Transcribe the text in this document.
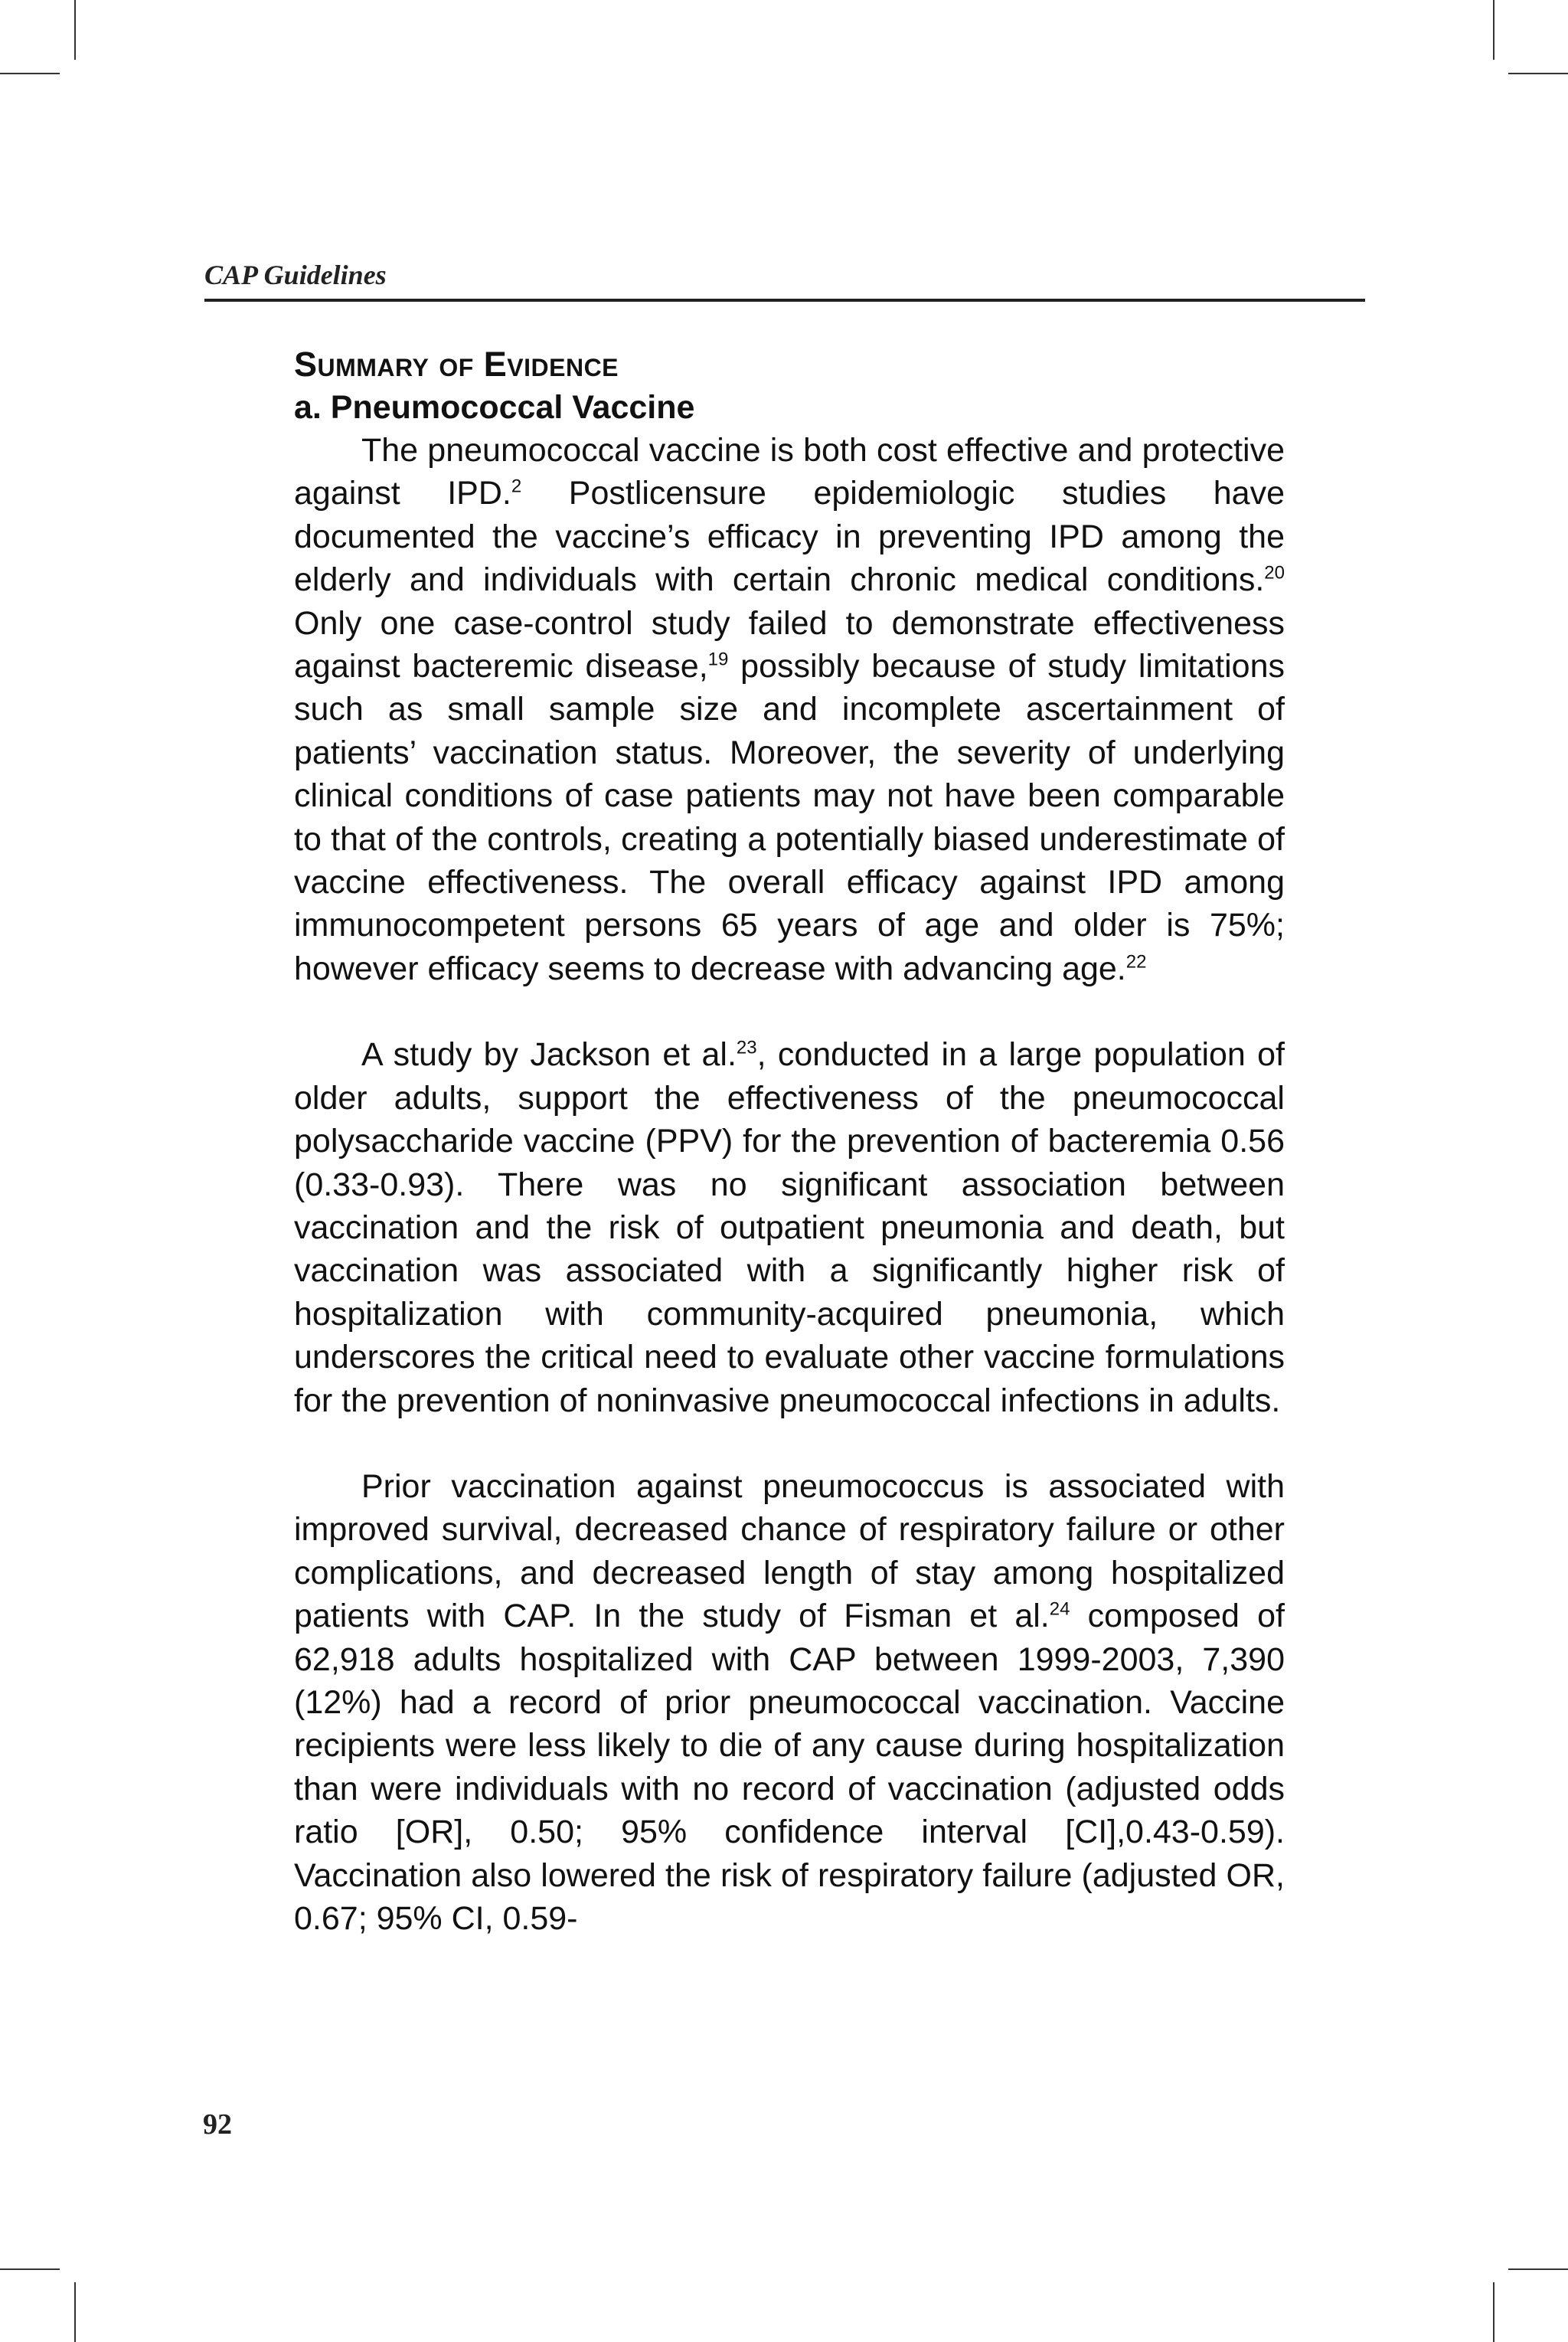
CAP Guidelines
Summary of Evidence
a. Pneumococcal Vaccine

The pneumococcal vaccine is both cost effective and protective against IPD.$^2$ Postlicensure epidemiologic studies have documented the vaccine’s efficacy in preventing IPD among the elderly and individuals with certain chronic medical conditions.$^{20}$ Only one case-control study failed to demonstrate effectiveness against bacteremic disease,$^{19}$ possibly because of study limitations such as small sample size and incomplete ascertainment of patients’ vaccination status. Moreover, the severity of underlying clinical conditions of case patients may not have been comparable to that of the controls, creating a potentially biased underestimate of vaccine effectiveness. The overall efficacy against IPD among immunocompetent persons 65 years of age and older is 75%; however efficacy seems to decrease with advancing age.$^{22}$

A study by Jackson et al.$^{23}$, conducted in a large population of older adults, support the effectiveness of the pneumococcal polysaccharide vaccine (PPV) for the prevention of bacteremia 0.56 (0.33-0.93). There was no significant association between vaccination and the risk of outpatient pneumonia and death, but vaccination was associated with a significantly higher risk of hospitalization with community-acquired pneumonia, which underscores the critical need to evaluate other vaccine formulations for the prevention of noninvasive pneumococcal infections in adults.

Prior vaccination against pneumococcus is associated with improved survival, decreased chance of respiratory failure or other complications, and decreased length of stay among hospitalized patients with CAP. In the study of Fisman et al.$^{24}$ composed of 62,918 adults hospitalized with CAP between 1999-2003, 7,390 (12%) had a record of prior pneumococcal vaccination. Vaccine recipients were less likely to die of any cause during hospitalization than were individuals with no record of vaccination (adjusted odds ratio [OR], 0.50; 95% confidence interval [CI],0.43-0.59). Vaccination also lowered the risk of respiratory failure (adjusted OR, 0.67; 95% CI, 0.59-

92
